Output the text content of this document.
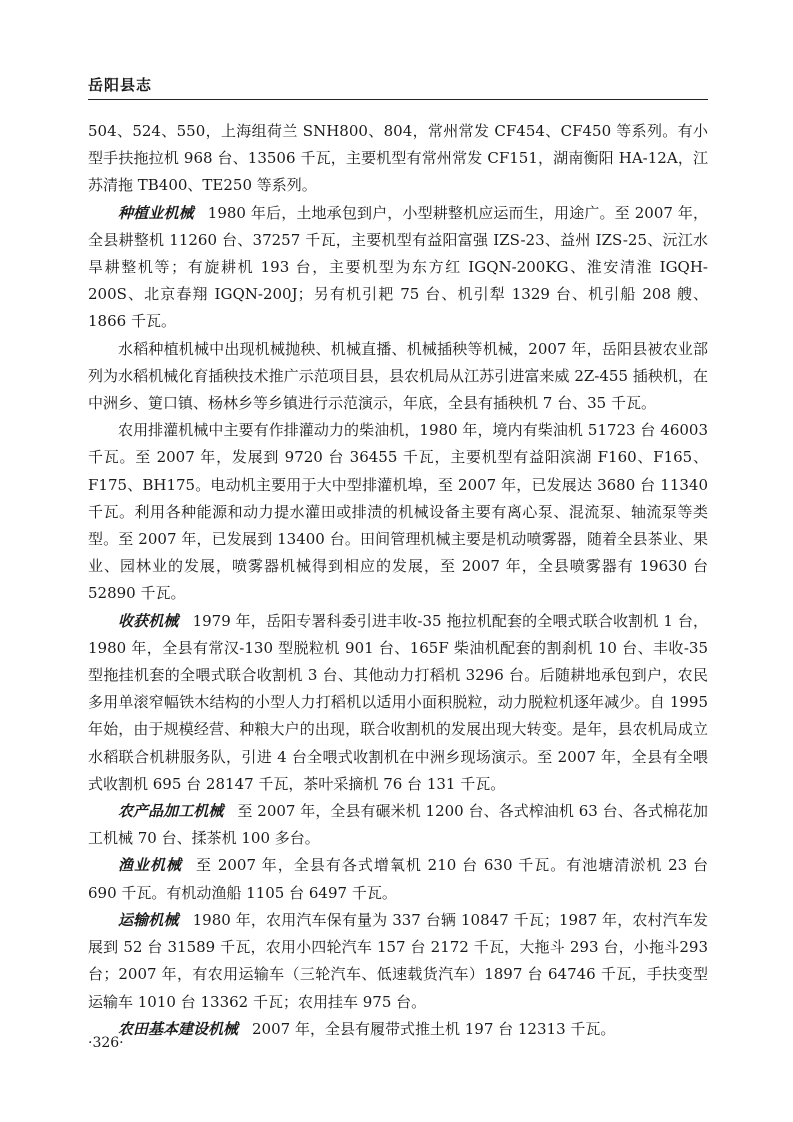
岳阳县志

504、524、550，上海组荷兰 SNH800、804，常州常发 CF454、CF450 等系列。有小型手扶拖拉机 968 台、13506 千瓦，主要机型有常州常发 CF151，湖南衡阳 HA-12A，江苏清拖 TB400、TE250 等系列。

种植业机械 1980 年后，土地承包到户，小型耕整机应运而生，用途广。至 2007 年，全县耕整机 11260 台、37257 千瓦，主要机型有益阳富强 IZS-23、益州 IZS-25、沅江水旱耕整机等；有旋耕机 193 台，主要机型为东方红 IGQN-200KG、淮安清淮 IGQH-200S、北京春翔 IGQN-200J；另有机引耙 75 台、机引犁 1329 台、机引船 208 艘、1866 千瓦。

水稻种植机械中出现机械抛秧、机械直播、机械插秧等机械，2007 年，岳阳县被农业部列为水稻机械化育插秧技术推广示范项目县，县农机局从江苏引进富来威 2Z-455 插秧机，在中洲乡、筻口镇、杨林乡等乡镇进行示范演示，年底，全县有插秧机 7 台、35 千瓦。

农用排灌机械中主要有作排灌动力的柴油机，1980 年，境内有柴油机 51723 台 46003 千瓦。至 2007 年，发展到 9720 台 36455 千瓦，主要机型有益阳滨湖 F160、F165、F175、BH175。电动机主要用于大中型排灌机埠，至 2007 年，已发展达 3680 台 11340 千瓦。利用各种能源和动力提水灌田或排渍的机械设备主要有离心泵、混流泵、轴流泵等类型。至 2007 年，已发展到 13400 台。田间管理机械主要是机动喷雾器，随着全县茶业、果业、园林业的发展，喷雾器机械得到相应的发展，至 2007 年，全县喷雾器有 19630 台 52890 千瓦。

收获机械 1979 年，岳阳专署科委引进丰收-35 拖拉机配套的全喂式联合收割机 1 台，1980 年，全县有常汉-130 型脱粒机 901 台、165F 柴油机配套的割刹机 10 台、丰收-35 型拖挂机套的全喂式联合收割机 3 台、其他动力打稻机 3296 台。后随耕地承包到户，农民多用单滚窄幅铁木结构的小型人力打稻机以适用小面积脱粒，动力脱粒机逐年减少。自 1995 年始，由于规模经营、种粮大户的出现，联合收割机的发展出现大转变。是年，县农机局成立水稻联合机耕服务队，引进 4 台全喂式收割机在中洲乡现场演示。至 2007 年，全县有全喂式收割机 695 台 28147 千瓦，茶叶采摘机 76 台 131 千瓦。

农产品加工机械 至 2007 年，全县有碾米机 1200 台、各式榨油机 63 台、各式棉花加工机械 70 台、揉茶机 100 多台。

渔业机械 至 2007 年，全县有各式增氧机 210 台 630 千瓦。有池塘清淤机 23 台 690 千瓦。有机动渔船 1105 台 6497 千瓦。

运输机械 1980 年，农用汽车保有量为 337 台辆 10847 千瓦；1987 年，农村汽车发展到 52 台 31589 千瓦，农用小四轮汽车 157 台 2172 千瓦，大拖斗 293 台，小拖斗293 台；2007 年，有农用运输车（三轮汽车、低速载货汽车）1897 台 64746 千瓦，手扶变型运输车 1010 台 13362 千瓦；农用挂车 975 台。

农田基本建设机械 2007 年，全县有履带式推土机 197 台 12313 千瓦。

·326·
